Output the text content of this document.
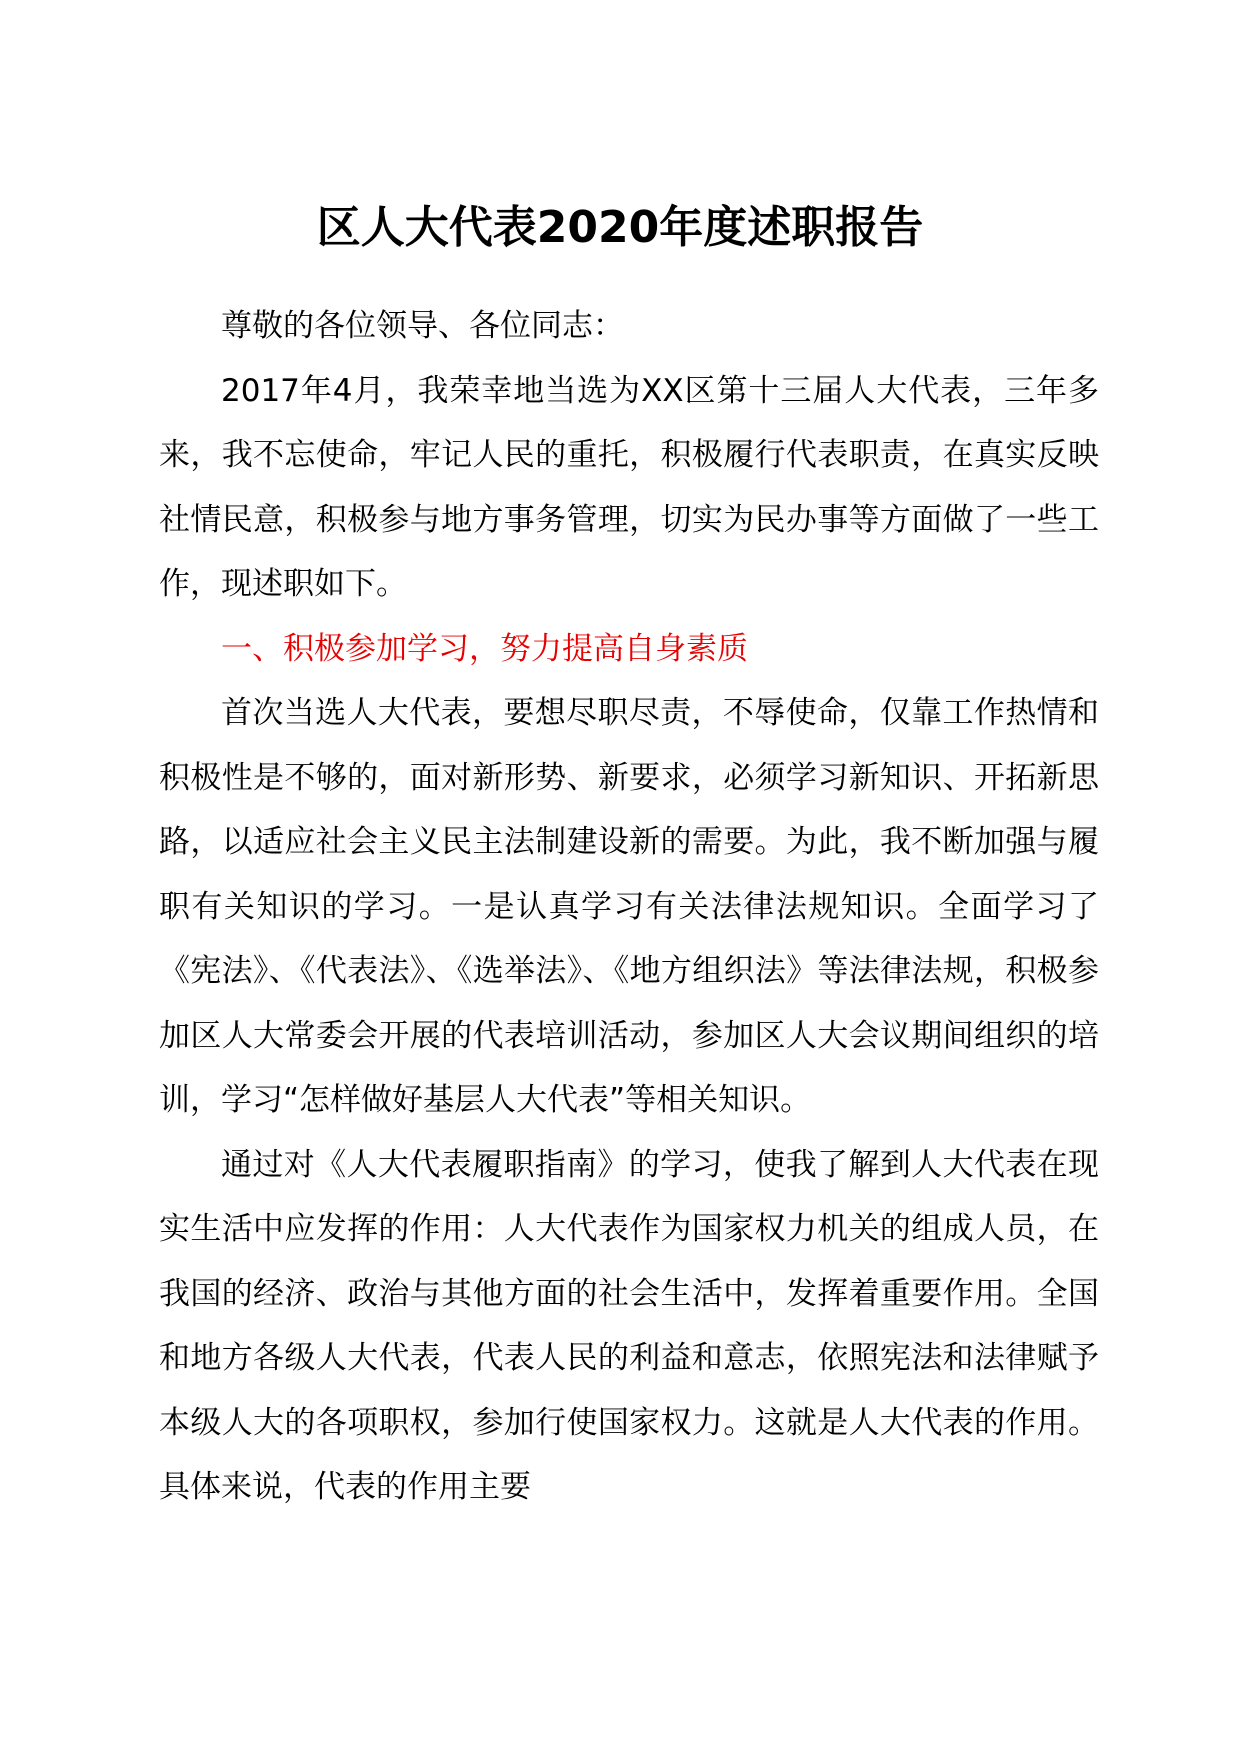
区人大代表2020年度述职报告

尊敬的各位领导、各位同志：

2017年4月，我荣幸地当选为XX区第十三届人大代表，三年多来，我不忘使命，牢记人民的重托，积极履行代表职责，在真实反映社情民意，积极参与地方事务管理，切实为民办事等方面做了一些工作，现述职如下。

一、积极参加学习，努力提高自身素质

首次当选人大代表，要想尽职尽责，不辱使命，仅靠工作热情和积极性是不够的，面对新形势、新要求，必须学习新知识、开拓新思路，以适应社会主义民主法制建设新的需要。为此，我不断加强与履职有关知识的学习。一是认真学习有关法律法规知识。全面学习了《宪法》、《代表法》、《选举法》、《地方组织法》等法律法规，积极参加区人大常委会开展的代表培训活动，参加区人大会议期间组织的培训，学习“怎样做好基层人大代表”等相关知识。

通过对《人大代表履职指南》的学习，使我了解到人大代表在现实生活中应发挥的作用：人大代表作为国家权力机关的组成人员，在我国的经济、政治与其他方面的社会生活中，发挥着重要作用。全国和地方各级人大代表，代表人民的利益和意志，依照宪法和法律赋予本级人大的各项职权，参加行使国家权力。这就是人大代表的作用。具体来说，代表的作用主要
